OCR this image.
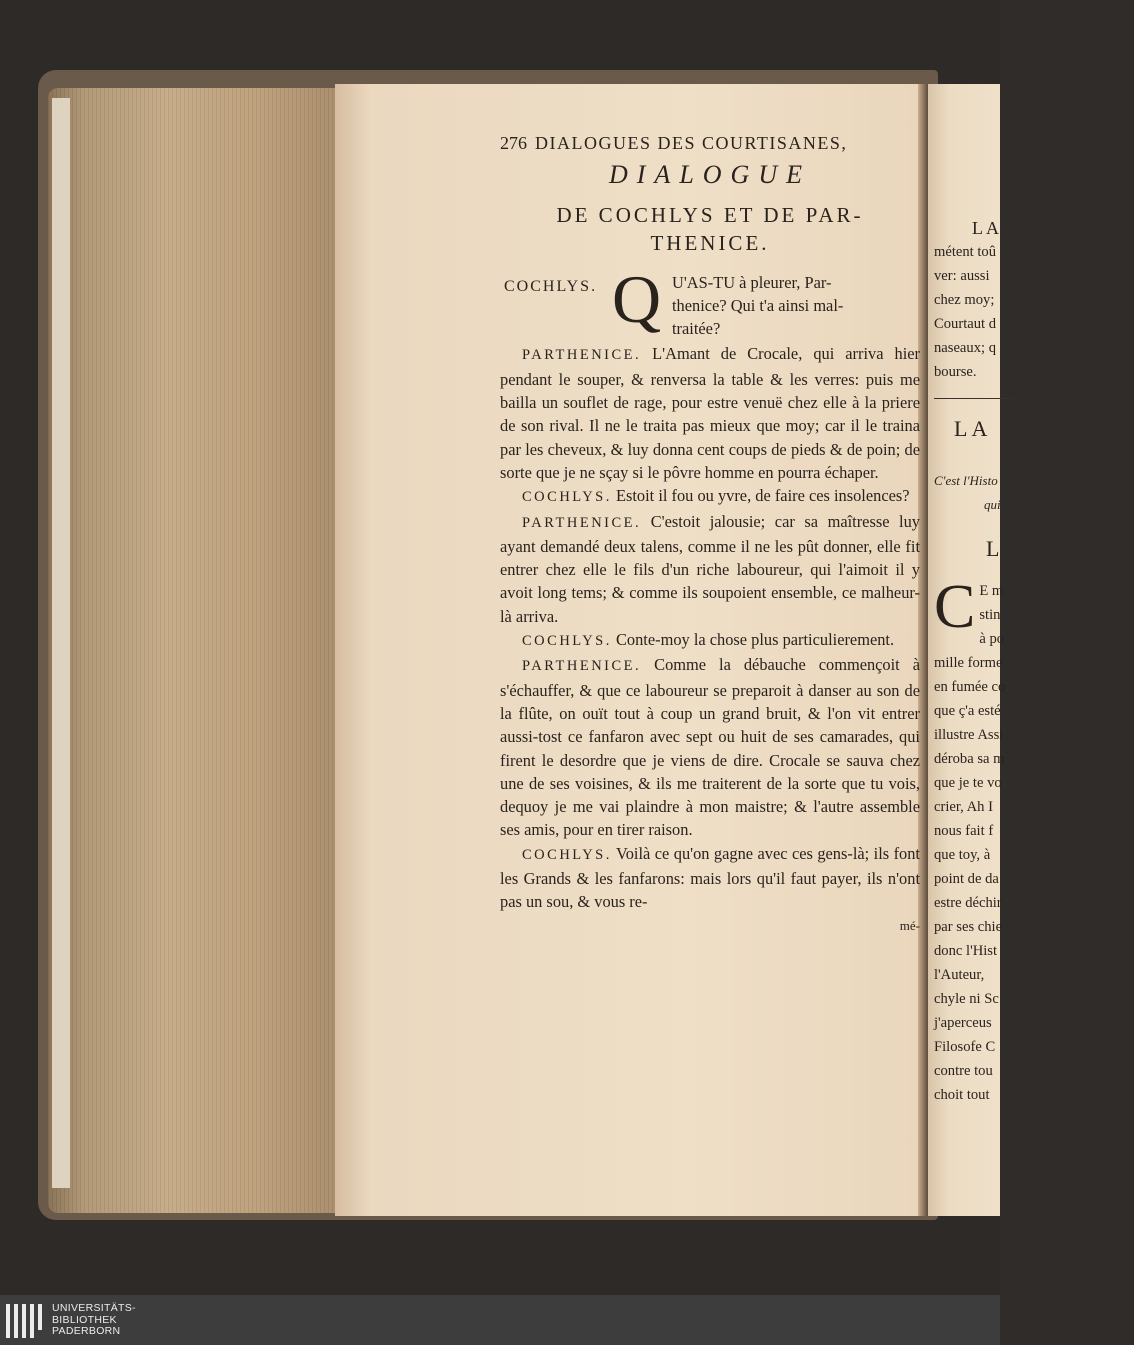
276 DIALOGUES DES COURTISANES,
DIALOGUE
DE COCHLYS ET DE PAR-
THENICE.
COCHLYS. Q U'AS-TU à pleurer, Par-
thenice? Qui t'a ainsi mal-
traitée?

PARTHENICE. L'Amant de Crocale, qui arriva hier pendant le souper, & renversa la table & les verres: puis me bailla un souflet de rage, pour estre venuë chez elle à la priere de son rival. Il ne le traita pas mieux que moy; car il le traina par les cheveux, & luy donna cent coups de pieds & de poin; de sorte que je ne sçay si le pôvre homme en pourra échaper.

COCHLYS. Estoit il fou ou yvre, de faire ces insolences?

PARTHENICE. C'estoit jalousie; car sa maîtresse luy ayant demandé deux talens, comme il ne les pût donner, elle fit entrer chez elle le fils d'un riche laboureur, qui l'aimoit il y avoit long tems; & comme ils soupoient ensemble, ce malheur-là arriva.

COCHLYS. Conte-moy la chose plus particulierement.

PARTHENICE. Comme la débauche commençoit à s'échauffer, & que ce laboureur se preparoit à danser au son de la flûte, on ouït tout à coup un grand bruit, & l'on vit entrer aussi-tost ce fanfaron avec sept ou huit de ses camarades, qui firent le desordre que je viens de dire. Crocale se sauva chez une de ses voisines, & ils me traiterent de la sorte que tu vois, dequoy je me vai plaindre à mon maistre; & l'autre assemble ses amis, pour en tirer raison.

COCHLYS. Voilà ce qu'on gagne avec ces gens-là; ils font les Grands & les fanfarons: mais lors qu'il faut payer, ils n'ont pas un sou, & vous re-

mé-
LA
métent toû
ver: aussi
chez moy;
Courtaut d
naseaux; q
bourse.
LA
C'est l'Histo
qui
L
C E m
stin
à po
mille forme
en fumée co
que ç'a esté
illustre Assi
déroba sa m
que je te vo
crier, Ah I
nous fait f
que toy, à
point de da
estre déchir
par ses chie
donc l'Hist
l'Auteur,
chyle ni Sc
j'aperceus
Filosofe C
contre tou
choit tout
UNIVERSITÄTS-
BIBLIOTHEK
PADERBORN
